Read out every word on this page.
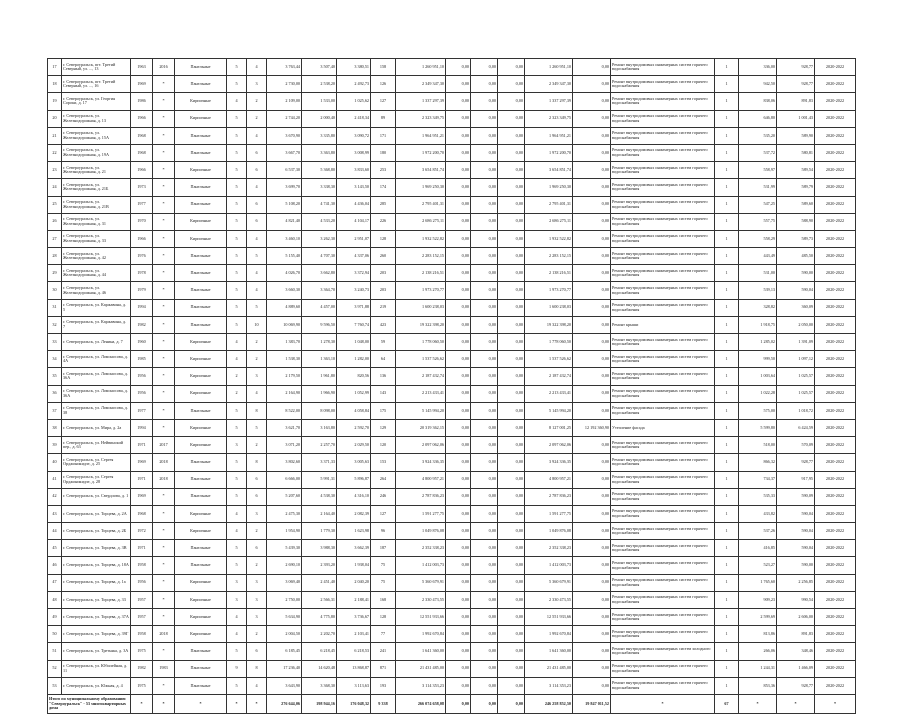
17	г. Североуральск, пгт. Третий Северный, ул. ..., 13	1963	2016	Панельные	5	4	3 763,44	3 507,40	3 380,51	158	1 260 951,10	0,00	0,00	0,00	1 260 951,10	0,00	Ремонт внутридомовых инженерных систем горячего водоснабжения	1	336,00	928,77	2020-2022
18	г. Североуральск, пгт. Третий Северный, ул. ..., 16	1969	*	Панельные	5	3	2 730,00	2 538,20	2 492,73	126	2 349 347,30	0,00	0,00	0,00	2 349 347,30	0,00	Ремонт внутридомовых инженерных систем горячего водоснабжения	1	942,50	928,77	2020-2022
19	г. Североуральск, ул. Георгия Сороки, д. 17	1986	*	Кирпичные	4	2	2 109,00	1 533,00	1 025,62	127	1 337 297,39	0,00	0,00	0,00	1 337 297,39	0,00	Ремонт внутридомовых инженерных систем горячего водоснабжения	1	838,06	891,83	2020-2022
20	г. Североуральск, ул. Железнодорожная, д. 13	1966	*	Кирпичные	5	2	2 744,20	2 000,40	2 418,34	89	2 323 349,75	0,00	0,00	0,00	2 323 349,75	0,00	Ремонт внутридомовых инженерных систем горячего водоснабжения	1	646,80	1 001,43	2020-2022
21	г. Североуральск, ул. Железнодорожная, д. 15А	1968	*	Панельные	5	4	3 670,90	3 335,80	3 090,72	171	1 964 951,21	0,00	0,00	0,00	1 964 951,21	0,00	Ремонт внутридомовых инженерных систем горячего водоснабжения	1	535,20	589,90	2020-2022
22	г. Североуральск, ул. Железнодорожная, д. 19А	1968	*	Панельные	5	6	3 667,70	3 363,80	3 008,99	180	1 972 200,70	0,00	0,00	0,00	1 972 200,70	0,00	Ремонт внутридомовых инженерных систем горячего водоснабжения	1	537,72	580,81	2020-2022
23	г. Североуральск, ул. Железнодорожная, д. 21	1966	*	Кирпичные	5	6	6 537,30	5 368,80	3 833,60	253	3 654 851,74	0,00	0,00	0,00	3 654 851,74	0,00	Ремонт внутридомовых инженерных систем горячего водоснабжения	1	558,97	589,54	2020-2022
24	г. Североуральск, ул. Железнодорожная, д. 21Б	1973	*	Панельные	5	4	3 699,70	3 338,30	3 143,50	174	1 969 250,30	0,00	0,00	0,00	1 969 250,30	0,00	Ремонт внутридомовых инженерных систем горячего водоснабжения	1	531,99	589,79	2020-2022
25	г. Североуральск, ул. Железнодорожная, д. 21В	1977	*	Панельные	5	6	5 108,20	4 741,30	4 436,04	285	2 795 401,31	0,00	0,00	0,00	2 795 401,31	0,00	Ремонт внутридомовых инженерных систем горячего водоснабжения	1	547,25	589,60	2020-2022
26	г. Североуральск, ул. Железнодорожная, д. 31	1970	*	Кирпичные	5	6	4 821,40	4 533,20	4 104,17	226	2 686 275,11	0,00	0,00	0,00	2 686 275,11	0,00	Ремонт внутридомовых инженерных систем горячего водоснабжения	1	557,75	588,90	2020-2022
27	г. Североуральск, ул. Железнодорожная, д. 33	1966	*	Кирпичные	5	4	3 460,10	3 262,30	2 951,07	128	1 932 522,82	0,00	0,00	0,00	1 932 522,82	0,00	Ремонт внутридомовых инженерных систем горячего водоснабжения	1	558,29	589,73	2020-2022
28	г. Североуральск, ул. Железнодорожная, д. 42	1976	*	Панельные	5	5	5 155,40	4 707,30	4 337,06	260	2 283 152,15	0,00	0,00	0,00	2 283 152,15	0,00	Ремонт внутридомовых инженерных систем горячего водоснабжения	1	443,49	485,50	2020-2022
29	г. Североуральск, ул. Железнодорожная, д. 44	1978	*	Панельные	5	4	4 026,70	3 662,80	3 372,94	203	2 138 216,51	0,00	0,00	0,00	2 138 216,51	0,00	Ремонт внутридомовых инженерных систем горячего водоснабжения	1	531,00	590,00	2020-2022
30	г. Североуральск, ул. Железнодорожная, д. 46	1979	*	Панельные	5	4	3 660,30	3 364,70	3 240,73	203	1 973 270,77	0,00	0,00	0,00	1 973 270,77	0,00	Ремонт внутридомовых инженерных систем горячего водоснабжения	1	539,13	590,04	2020-2022
31	г. Североуральск, ул. Каржавина, д. 5	1994	*	Панельные	5	5	4 889,60	4 457,00	3 971,88	219	1 600 238,03	0,00	0,00	0,00	1 600 238,03	0,00	Ремонт внутридомовых инженерных систем горячего водоснабжения	1	328,82	360,09	2020-2022
32	г. Североуральск, ул. Каржавина, д. 7	1982	*	Панельные	5	10	10 069,90	9 596,50	7 760,74	423	19 322 398,20	0,00	0,00	0,00	19 322 398,20	0,00	Ремонт крыши	1	1 918,75	2 050,00	2020-2022
33	г. Североуральск, ул. Ленина, д. 7	1960	*	Кирпичные	4	2	1 383,70	1 278,30	1 048,00	59	1 778 060,50	0,00	0,00	0,00	1 778 060,50	0,00	Ремонт внутридомовых инженерных систем горячего водоснабжения	1	1 285,02	1 391,09	2020-2022
34	г. Североуральск, ул. Ломоносова, д. 4А	1985	*	Кирпичные	4	2	1 538,30	1 363,10	1 282,00	64	1 537 526,62	0,00	0,00	0,00	1 537 526,62	0,00	Ремонт внутридомовых инженерных систем горячего водоснабжения	1	999,50	1 097,12	2020-2022
35	г. Североуральск, ул. Ломоносова, д. 36А	1956	*	Кирпичные	2	3	2 179,50	1 961,80	820,56	136	2 187 432,74	0,00	0,00	0,00	2 187 432,74	0,00	Ремонт внутридомовых инженерных систем горячего водоснабжения	1	1 003,64	1 025,57	2020-2022
36	г. Североуральск, ул. Ломоносова, д. 36А	1956	*	Кирпичные	2	4	2 164,90	1 966,90	1 052,99	143	2 213 433,41	0,00	0,00	0,00	2 213 433,41	0,00	Ремонт внутридомовых инженерных систем горячего водоснабжения	1	1 022,28	1 025,57	2020-2022
37	г. Североуральск, ул. Ломоносова, д. 38	1977	*	Панельные	5	8	8 522,00	8 098,00	4 058,84	175	5 145 994,20	0,00	0,00	0,00	5 145 994,20	0,00	Ремонт внутридомовых инженерных систем горячего водоснабжения	1	575,00	1 018,72	2020-2022
38	г. Североуральск, ул. Мира, д. 2а	1994	*	Кирпичные	5	5	3 621,70	3 163,80	2 592,70	129	20 319 362,15	0,00	0,00	0,00	8 127 001,25	12 192 360,90	Утепление фасада	1	5 599,80	6 424,59	2020-2022
39	г. Североуральск, ул. Нейвинский пер., д. 63	1971	2017	Кирпичные	3	2	3 071,20	2 257,70	2 029,50	120	2 097 062,06	0,00	0,00	0,00	2 097 062,06	0,00	Ремонт внутридомовых инженерных систем горячего водоснабжения	1	518,00	570,09	2020-2022
40	г. Североуральск, ул. Сергея Орджоникидзе, д. 25	1969	2018	Панельные	5	8	3 802,60	3 371,33	3 005,63	153	3 924 336,35	0,00	0,00	0,00	3 924 336,35	0,00	Ремонт внутридомовых инженерных систем горячего водоснабжения	1	866,32	928,77	2020-2022
41	г. Североуральск, ул. Сергея Орджоникидзе, д. 28	1971	2018	Панельные	5	6	6 666,00	5 991,31	5 896,87	264	4 800 957,21	0,00	0,00	0,00	4 800 957,21	0,00	Ремонт внутридомовых инженерных систем горячего водоснабжения	1	734,37	917,95	2020-2022
42	г. Североуральск, ул. Свердлова, д. 1	1969	*	Панельные	5	6	5 207,60	4 538,30	4 316,10	246	2 787 836,23	0,00	0,00	0,00	2 787 836,23	0,00	Ремонт внутридомовых инженерных систем горячего водоснабжения	1	535,33	590,09	2020-2022
43	г. Североуральск, ул. Торцева, д. 2А	1968	*	Кирпичные	4	3	2 475,30	2 164,40	2 082,39	127	1 591 277,75	0,00	0,00	0,00	1 591 277,75	0,00	Ремонт внутридомовых инженерных систем горячего водоснабжения	1	433,82	590,04	2020-2022
44	г. Североуральск, ул. Торцева, д. 2Б	1972	*	Кирпичные	4	2	1 954,90	1 779,30	1 623,98	96	1 049 876,08	0,00	0,00	0,00	1 049 876,08	0,00	Ремонт внутридомовых инженерных систем горячего водоснабжения	1	537,26	590,04	2020-2022
45	г. Североуральск, ул. Торцева, д. 3В	1971	*	Панельные	5	6	5 439,30	3 988,30	3 662,39	187	2 352 338,23	0,00	0,00	0,00	2 352 338,23	0,00	Ремонт внутридомовых инженерных систем горячего водоснабжения	1	416,85	590,04	2020-2022
46	г. Североуральск, ул. Торцева, д. 18А	1958	*	Панельные	5	2	2 690,10	2 393,20	1 938,04	75	1 412 003,73	0,00	0,00	0,00	1 412 003,73	0,00	Ремонт внутридомовых инженерных систем горячего водоснабжения	1	523,27	590,00	2020-2022
47	г. Североуральск, ул. Торцева, д. 1а	1956	*	Кирпичные	3	3	3 069,40	2 451,40	2 040,20	75	5 360 679,91	0,00	0,00	0,00	5 360 679,91	0,00	Ремонт внутридомовых инженерных систем горячего водоснабжения	1	1 765,60	2 256,85	2020-2022
48	г. Североуральск, ул. Торцева, д. 33	1957	*	Кирпичные	3	3	2 750,00	2 566,31	2 188,41	168	2 330 473,55	0,00	0,00	0,00	2 330 473,55	0,00	Ремонт внутридомовых инженерных систем горячего водоснабжения	1	909,23	990,54	2020-2022
49	г. Североуральск, ул. Торцева, д. 37А	1957	*	Кирпичные	4	3	5 634,90	4 775,80	3 736,67	128	12 551 933,66	0,00	0,00	0,00	12 551 933,66	0,00	Ремонт внутридомовых инженерных систем горячего водоснабжения	1	2 599,69	2 606,00	2020-2022
50	г. Североуральск, ул. Торцева, д. 39Г	1958	2018	Кирпичные	4	2	2 004,50	2 202,70	2 103,41	77	1 992 670,84	0,00	0,00	0,00	1 992 670,84	0,00	Ремонт внутридомовых инженерных систем горячего водоснабжения	1	813,86	891,83	2020-2022
51	г. Североуральск, ул. Третьяка, д. 3А	1975	*	Панельные	5	6	6 185,45	6 218,45	6 218,53	241	1 641 360,00	0,00	0,00	0,00	1 641 360,00	0,00	Ремонт внутридомовых инженерных систем холодного водоснабжения	1	266,06	348,46	2020-2022
52	г. Североуральск, ул. Юбилейная, д. 11	1982	1983	Панельные	9	8	17 236,40	14 620,48	13 868,87	871	21 431 485,00	0,00	0,00	0,00	21 431 485,00	0,00	Ремонт внутридомовых инженерных систем горячего водоснабжения	1	1 244,31	1 466,09	2020-2022
53	г. Североуральск, ул. Южная, д. 4	1975	*	Панельные	5	4	3 643,90	3 368,30	3 113,63	193	3 114 353,23	0,00	0,00	0,00	3 114 353,23	0,00	Ремонт внутридомовых инженерных систем горячего водоснабжения	1	853,36	928,77	2020-2022
Итого по муниципальному образованию "Североуральск" - 53 многоквартирных дома		*	*	*	*	*	276 644,06	198 944,16	176 048,32	9 338	266 074 658,08	0,00	0,00	0,00	246 258 852,50	19 847 011,52	*	67	*	*	*
